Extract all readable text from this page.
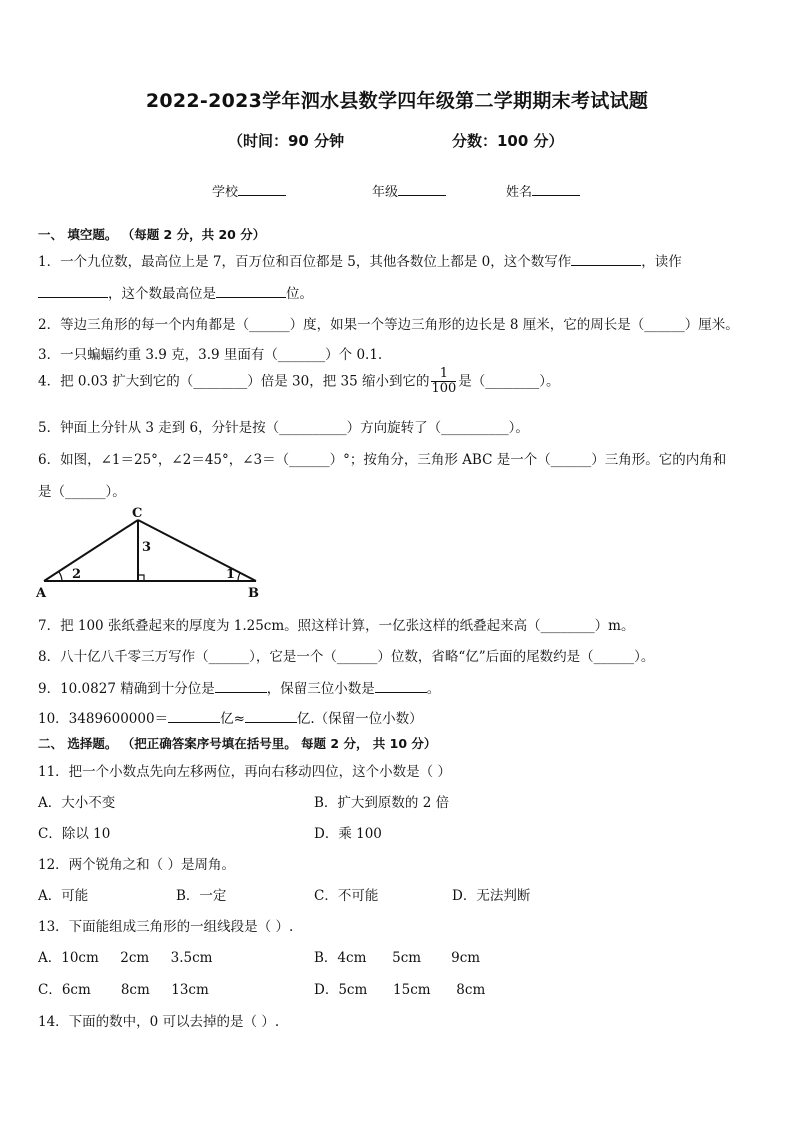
2022-2023学年泗水县数学四年级第二学期期末考试试题
（时间：90 分钟	分数：100 分）
学校	年级	姓名
一、 填空题。 （每题 2 分，共 20 分）
1．一个九位数，最高位上是 7，百万位和百位都是 5，其他各数位上都是 0，这个数写作	，读作
，这个数最高位是	位。
2．等边三角形的每一个内角都是（______）度，如果一个等边三角形的边长是 8 厘米，它的周长是（______）厘米。
3．一只蝙蝠约重 3.9 克，3.9 里面有（_______）个 0.1.
4．把 0.03 扩大到它的（________）倍是 30，把 35 缩小到它的 $\frac{1}{100}$ 是（________）。
5．钟面上分针从 3 走到 6，分针是按（__________）方向旋转了（__________）。
6．如图，∠1＝25°，∠2＝45°，∠3＝（______）°；按角分，三角形 ABC 是一个（______）三角形。它的内角和
是（______）。
C
A	B
3
2	1
7．把 100 张纸叠起来的厚度为 1.25cm。照这样计算，一亿张这样的纸叠起来高（________）m。
8．八十亿八千零三万写作（______），它是一个（______）位数，省略“亿”后面的尾数约是（______）。
9．10.0827 精确到十分位是	，保留三位小数是	。
10．3489600000＝	亿≈	亿.（保留一位小数）
二、 选择题。 （把正确答案序号填在括号里。 每题 2 分， 共 10 分）
11．把一个小数点先向左移两位，再向右移动四位，这个小数是（ ）
A．大小不变	B．扩大到原数的 2 倍
C．除以 10	D．乘 100
12．两个锐角之和（ ）是周角。
A．可能	B．一定	C．不可能	D．无法判断
13．下面能组成三角形的一组线段是（ ）.
A．10cm     2cm     3.5cm	B．4cm      5cm       9cm
C．6cm       8cm     13cm	D．5cm      15cm      8cm
14．下面的数中，0 可以去掉的是（ ）.
